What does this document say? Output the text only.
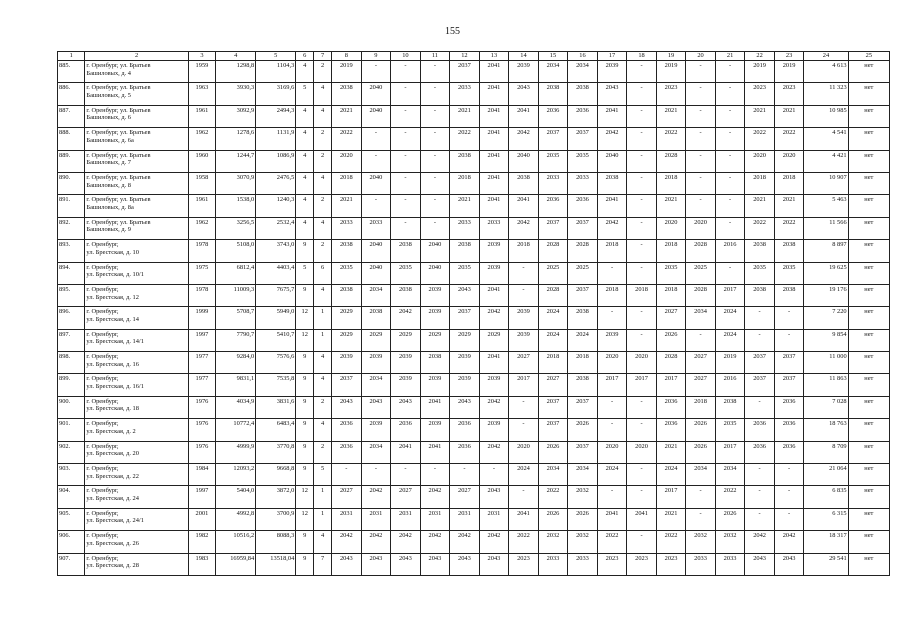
155
1	2	3	4	5	6	7	8	9	10	11	12	13	14	15	16	17	18	19	20	21	22	23	24	25
885.	г. Оренбург, ул. Братьев
Башиловых, д. 4	1959	1298,8	1104,3	4	2	2019	-	-	-	2037	2041	2039	2034	2034	2039	-	2019	-	-	2019	2019	4 613	нет
886.	г. Оренбург, ул. Братьев
Башиловых, д. 5	1963	3930,3	3169,6	5	4	2038	2040	-	-	2033	2041	2043	2038	2038	2043	-	2023	-	-	2023	2023	11 323	нет
887.	г. Оренбург, ул. Братьев
Башиловых, д. 6	1961	3092,9	2494,3	4	4	2021	2040	-	-	2021	2041	2041	2036	2036	2041	-	2021	-	-	2021	2021	10 985	нет
888.	г. Оренбург, ул. Братьев
Башиловых, д. 6а	1962	1278,6	1131,9	4	2	2022	-	-	-	2022	2041	2042	2037	2037	2042	-	2022	-	-	2022	2022	4 541	нет
889.	г. Оренбург, ул. Братьев
Башиловых, д. 7	1960	1244,7	1086,9	4	2	2020	-	-	-	2038	2041	2040	2035	2035	2040	-	2028	-	-	2020	2020	4 421	нет
890.	г. Оренбург, ул. Братьев
Башиловых, д. 8	1958	3070,9	2476,5	4	4	2018	2040	-	-	2018	2041	2038	2033	2033	2038	-	2018	-	-	2018	2018	10 907	нет
891.	г. Оренбург, ул. Братьев
Башиловых, д. 8а	1961	1538,0	1240,3	4	2	2021	-	-	-	2021	2041	2041	2036	2036	2041	-	2021	-	-	2021	2021	5 463	нет
892.	г. Оренбург, ул. Братьев
Башиловых, д. 9	1962	3256,5	2532,4	4	4	2033	2033	-	-	2033	2033	2042	2037	2037	2042	-	2020	2020	-	2022	2022	11 566	нет
893.	г. Оренбург,
ул. Брестская, д. 10	1978	5108,0	3743,0	9	2	2038	2040	2038	2040	2038	2039	2018	2028	2028	2018	-	2018	2028	2016	2038	2038	8 897	нет
894.	г. Оренбург,
ул. Брестская, д. 10/1	1975	6812,4	4403,4	5	6	2035	2040	2035	2040	2035	2039	-	2025	2025	-	-	2035	2025	-	2035	2035	19 625	нет
895.	г. Оренбург,
ул. Брестская, д. 12	1978	11009,3	7675,7	9	4	2038	2034	2038	2039	2043	2041	-	2028	2037	2018	2018	2018	2028	2017	2038	2038	19 176	нет
896.	г. Оренбург,
ул. Брестская, д. 14	1999	5708,7	5949,0	12	1	2029	2038	2042	2039	2037	2042	2039	2024	2038	-	-	2027	2034	2024	-	-	7 220	нет
897.	г. Оренбург,
ул. Брестская, д. 14/1	1997	7790,7	5410,7	12	1	2029	2029	2029	2029	2029	2029	2039	2024	2024	2039	-	2026	-	2024	-	-	9 854	нет
898.	г. Оренбург,
ул. Брестская, д. 16	1977	9284,0	7576,6	9	4	2039	2039	2039	2038	2039	2041	2027	2018	2018	2020	2020	2028	2027	2019	2037	2037	11 000	нет
899.	г. Оренбург,
ул. Брестская, д. 16/1	1977	9831,1	7535,8	9	4	2037	2034	2039	2039	2039	2039	2017	2027	2038	2017	2017	2017	2027	2016	2037	2037	11 863	нет
900.	г. Оренбург,
ул. Брестская, д. 18	1976	4034,9	3831,6	9	2	2043	2043	2043	2041	2043	2042	-	2037	2037	-	-	2036	2018	2038	-	2036	7 028	нет
901.	г. Оренбург,
ул. Брестская, д. 2	1976	10772,4	6483,4	9	4	2036	2039	2036	2039	2036	2039	-	2037	2026	-	-	2036	2026	2035	2036	2036	18 763	нет
902.	г. Оренбург,
ул. Брестская, д. 20	1976	4999,9	3770,8	9	2	2036	2034	2041	2041	2036	2042	2020	2026	2037	2020	2020	2021	2026	2017	2036	2036	8 709	нет
903.	г. Оренбург,
ул. Брестская, д. 22	1984	12093,2	9668,8	9	5	-	-	-	-	-	-	2024	2034	2034	2024	-	2024	2034	2034	-	-	21 064	нет
904.	г. Оренбург,
ул. Брестская, д. 24	1997	5404,0	3872,0	12	1	2027	2042	2027	2042	2027	2043	-	2022	2032	-	-	2017	-	2022	-	-	6 835	нет
905.	г. Оренбург,
ул. Брестская, д. 24/1	2001	4992,8	3700,9	12	1	2031	2031	2031	2031	2031	2031	2041	2026	2026	2041	2041	2021	-	2026	-	-	6 315	нет
906.	г. Оренбург,
ул. Брестская, д. 26	1982	10516,2	8088,3	9	4	2042	2042	2042	2042	2042	2042	2022	2032	2032	2022	-	2022	2032	2032	2042	2042	18 317	нет
907.	г. Оренбург,
ул. Брестская, д. 28	1983	16959,84	13518,04	9	7	2043	2043	2043	2043	2043	2043	2023	2033	2033	2023	2023	2023	2033	2033	2043	2043	29 541	нет
